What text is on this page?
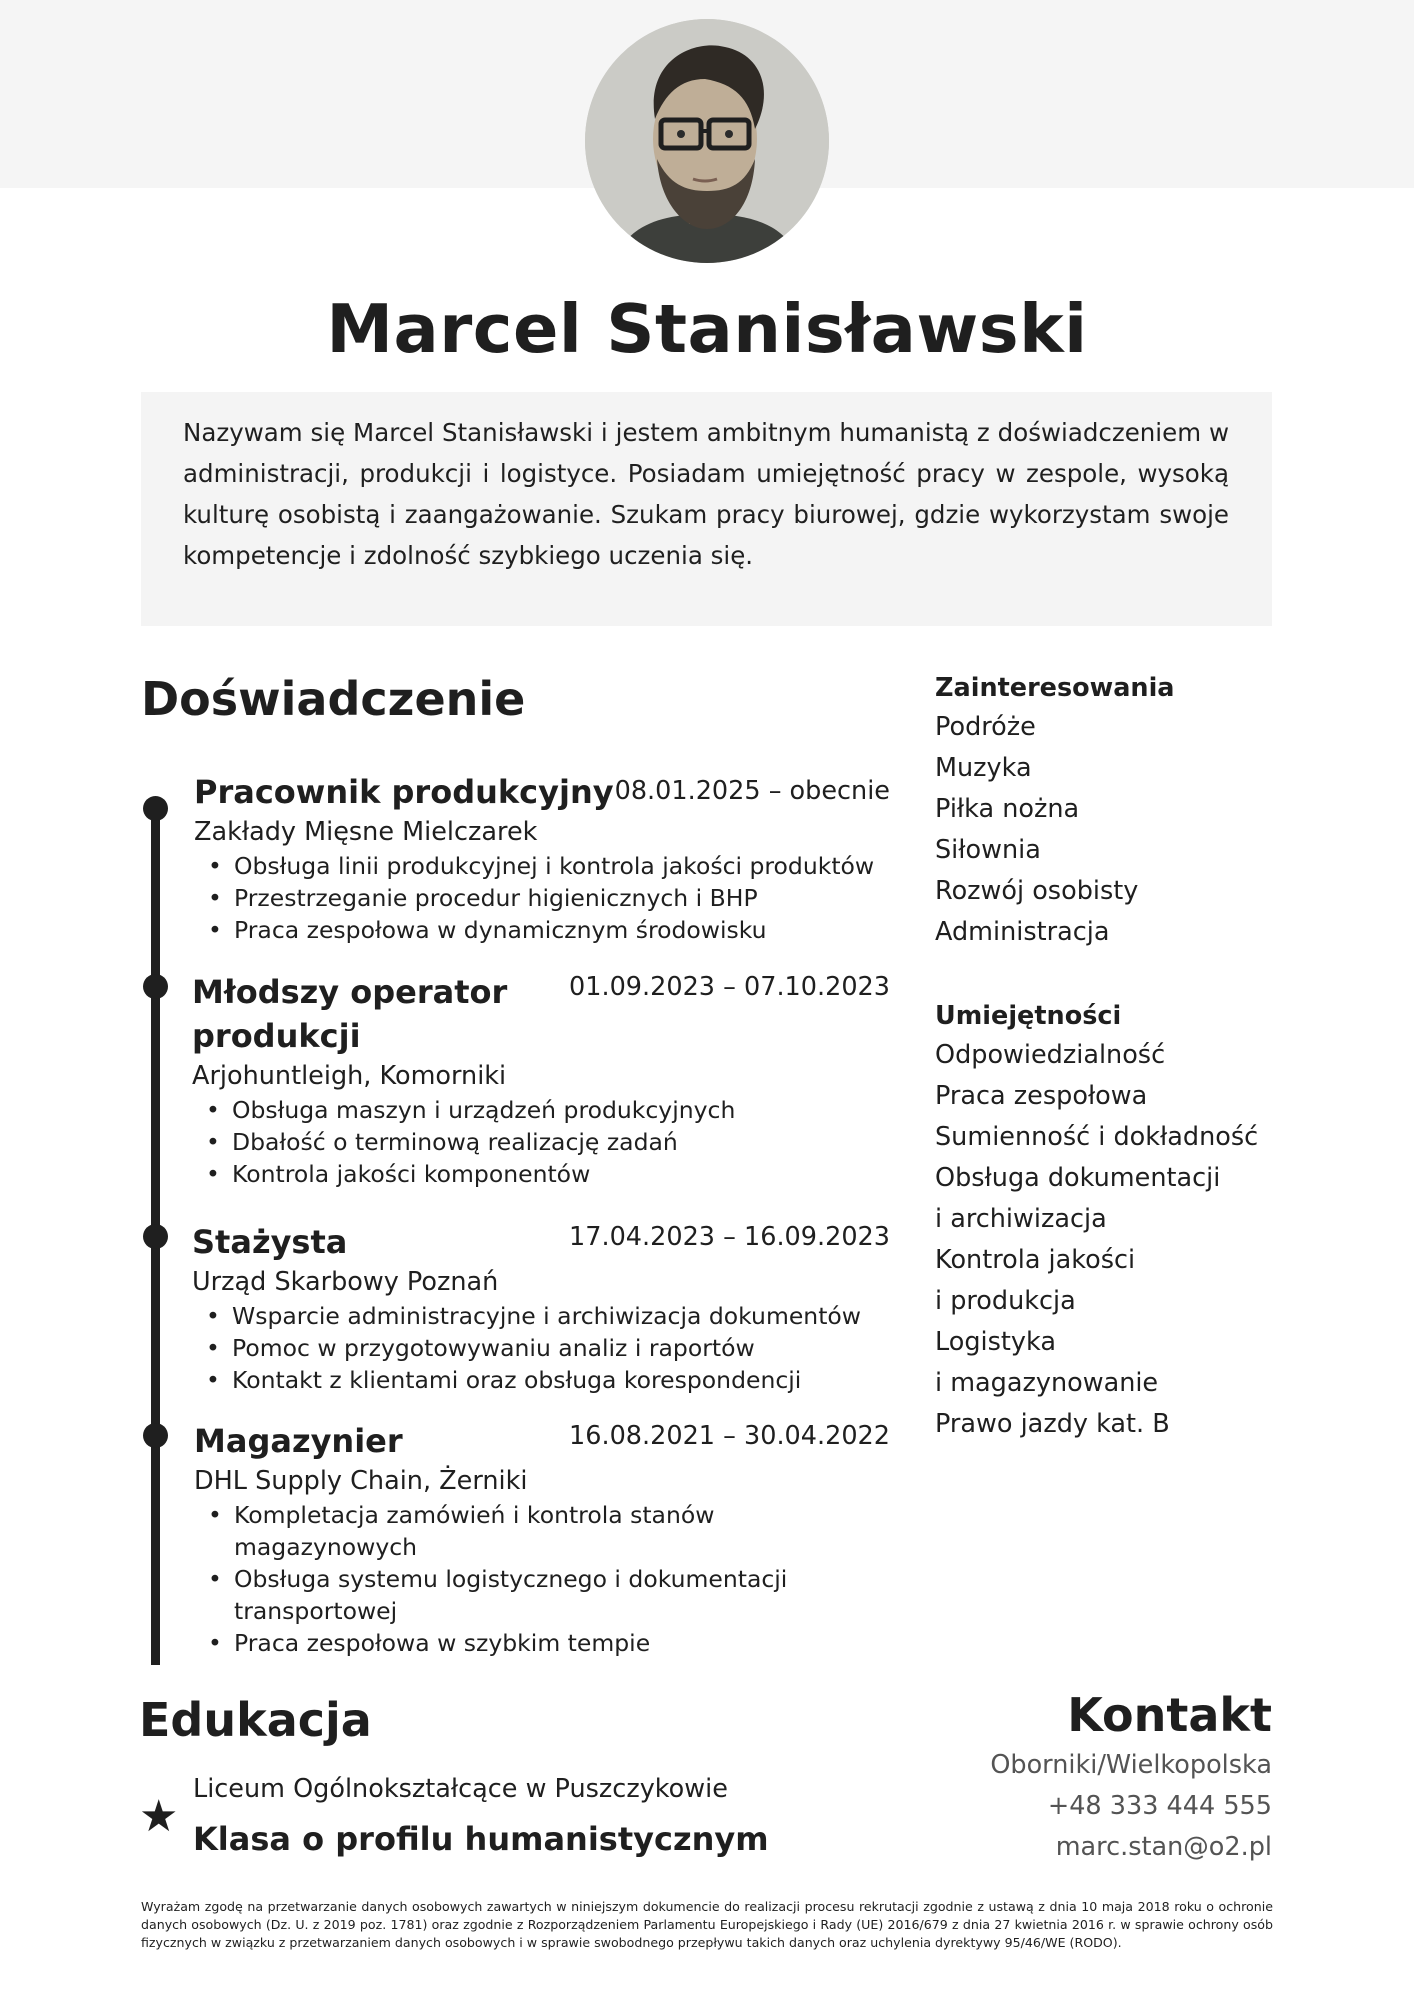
Marcel Stanisławski

Nazywam się Marcel Stanisławski i jestem ambitnym humanistą z doświadczeniem w administracji, produkcji i logistyce. Posiadam umiejętność pracy w zespole, wysoką kulturę osobistą i zaangażowanie. Szukam pracy biurowej, gdzie wykorzystam swoje kompetencje i zdolność szybkiego uczenia się.

Doświadczenie
Pracownik produkcyjny 08.01.2025 – obecnie
Zakłady Mięsne Mielczarek
• Obsługa linii produkcyjnej i kontrola jakości produktów
• Przestrzeganie procedur higienicznych i BHP
• Praca zespołowa w dynamicznym środowisku
Młodszy operator produkcji
01.09.2023 – 07.10.2023
Arjohuntleigh, Komorniki
• Obsługa maszyn i urządzeń produkcyjnych
• Dbałość o terminową realizację zadań
• Kontrola jakości komponentów
Stażysta	17.04.2023 – 16.09.2023
Urząd Skarbowy Poznań
• Wsparcie administracyjne i archiwizacja dokumentów
• Pomoc w przygotowywaniu analiz i raportów
• Kontakt z klientami oraz obsługa korespondencji
Magazynier	16.08.2021 – 30.04.2022
DHL Supply Chain, Żerniki
• Kompletacja zamówień i kontrola stanów magazynowych
• Obsługa systemu logistycznego i dokumentacji transportowej
• Praca zespołowa w szybkim tempie
Zainteresowania
Podróże
Muzyka
Piłka nożna
Siłownia
Rozwój osobisty
Administracja
Umiejętności
Odpowiedzialność
Praca zespołowa
Sumienność i dokładność
Obsługa dokumentacji
i archiwizacja
Kontrola jakości
i produkcja
Logistyka
i magazynowanie
Prawo jazdy kat. B
Edukacja
★
Liceum Ogólnokształcące w Puszczykowie
Klasa o profilu humanistycznym
Kontakt
Oborniki/Wielkopolska
+48 333 444 555
marc.stan@o2.pl
Wyrażam zgodę na przetwarzanie danych osobowych zawartych w niniejszym dokumencie do realizacji procesu rekrutacji zgodnie z ustawą z dnia 10 maja 2018 roku o ochronie danych osobowych (Dz. U. z 2019 poz. 1781) oraz zgodnie z Rozporządzeniem Parlamentu Europejskiego i Rady (UE) 2016/679 z dnia 27 kwietnia 2016 r. w sprawie ochrony osób fizycznych w związku z przetwarzaniem danych osobowych i w sprawie swobodnego przepływu takich danych oraz uchylenia dyrektywy 95/46/WE (RODO).
